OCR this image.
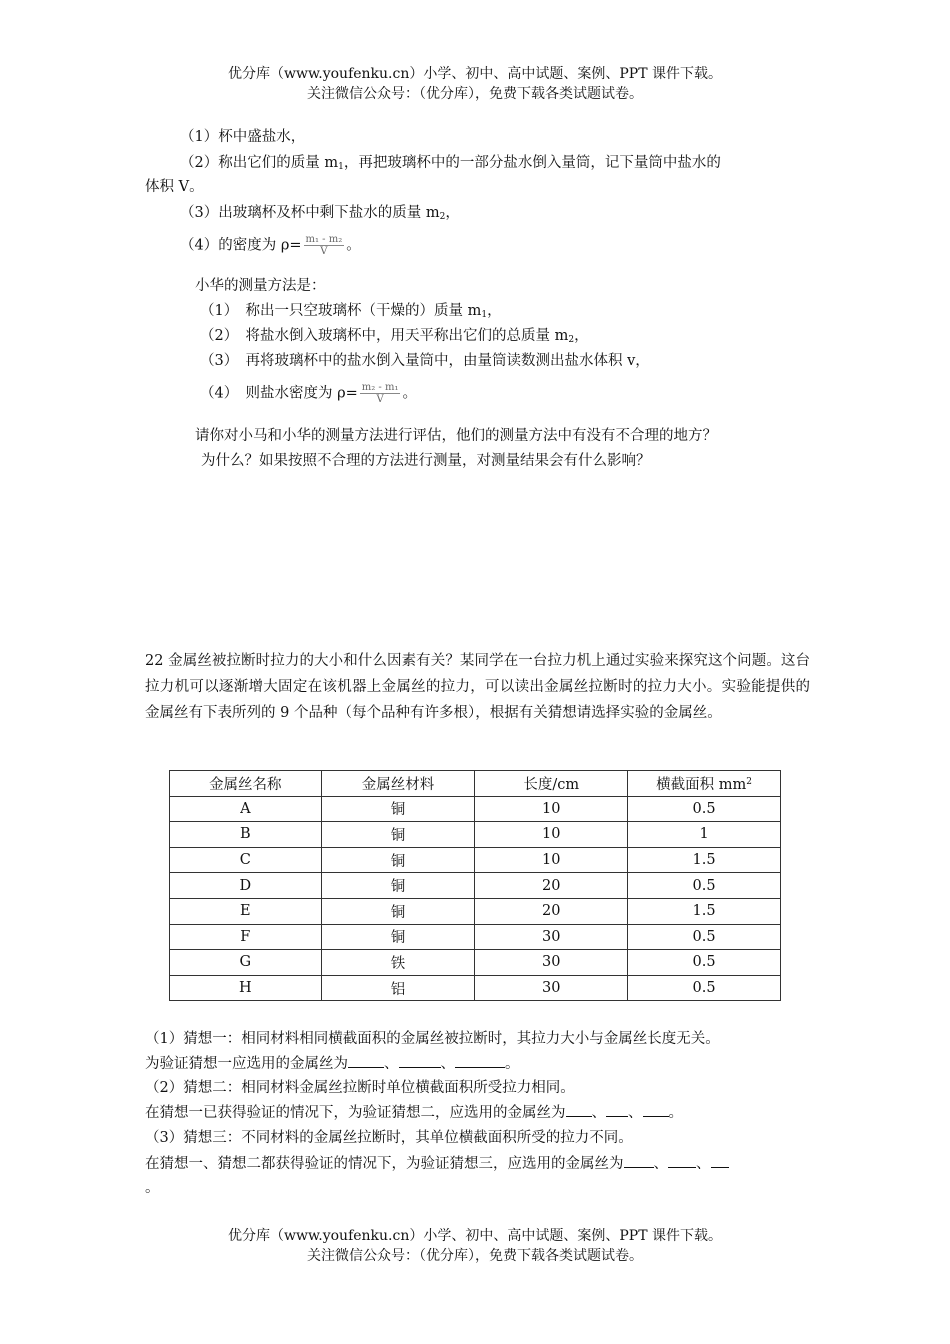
优分库（www.youfenku.cn）小学、初中、高中试题、案例、PPT 课件下载。
关注微信公众号：（优分库），免费下载各类试题试卷。
（1）杯中盛盐水，
（2）称出它们的质量 $m_1$，再把玻璃杯中的一部分盐水倒入量筒，记下量筒中盐水的
体积 V。
（3）出玻璃杯及杯中剩下盐水的质量 $m_2$，
（4）的密度为 $\rho= \frac{\text{m₁ - m₂}}{V}$ 。
小华的测量方法是：
（1）　称出一只空玻璃杯（干燥的）质量 $m_1$，
（2）　将盐水倒入玻璃杯中，用天平称出它们的总质量 $m_2$，
（3）　再将玻璃杯中的盐水倒入量筒中，由量筒读数测出盐水体积 v，
（4）　则盐水密度为 $\rho= \frac{\text{m₂ - m₁}}{V}$ 。
请你对小马和小华的测量方法进行评估，他们的测量方法中有没有不合理的地方？
为什么？如果按照不合理的方法进行测量，对测量结果会有什么影响？
22 金属丝被拉断时拉力的大小和什么因素有关？某同学在一台拉力机上通过实验来探究这个问题。这台拉力机可以逐渐增大固定在该机器上金属丝的拉力，可以读出金属丝拉断时的拉力大小。实验能提供的金属丝有下表所列的 9 个品种（每个品种有许多根），根据有关猜想请选择实验的金属丝。
金属丝名称	金属丝材料	长度/cm	横截面积 $mm^2$
A	铜	10	0.5
B	铜	10	1
C	铜	10	1.5
D	铜	20	0.5
E	铜	20	1.5
F	铜	30	0.5
G	铁	30	0.5
H	铝	30	0.5
（1）猜想一：相同材料相同横截面积的金属丝被拉断时，其拉力大小与金属丝长度无关。
为验证猜想一应选用的金属丝为 、	、	。
（2）猜想二：相同材料金属丝拉断时单位横截面积所受拉力相同。
在猜想一已获得验证的情况下，为验证猜想二，应选用的金属丝为 、 、 。
（3）猜想三：不同材料的金属丝拉断时，其单位横截面积所受的拉力不同。
在猜想一、猜想二都获得验证的情况下，为验证猜想三，应选用的金属丝为 、 、
。
优分库（www.youfenku.cn）小学、初中、高中试题、案例、PPT 课件下载。
关注微信公众号：（优分库），免费下载各类试题试卷。
